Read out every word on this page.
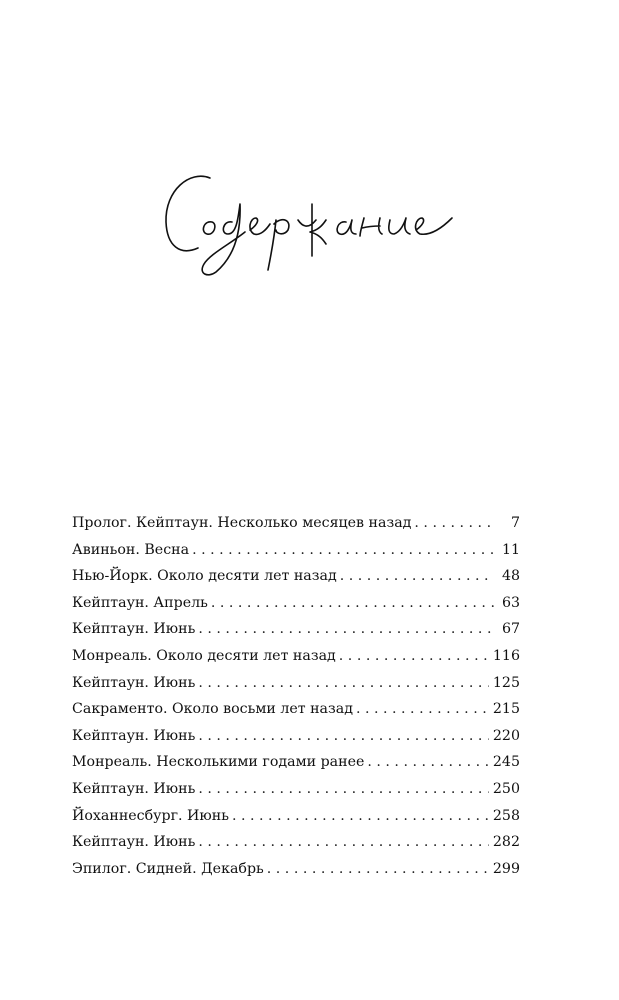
Пролог. Кейптаун. Несколько месяцев назад . . .	7
Авиньон. Весна . . .	11
Нью-Йорк. Около десяти лет назад . . .	48
Кейптаун. Апрель . . .	63
Кейптаун. Июнь . . .	67
Монреаль. Около десяти лет назад . . .	116
Кейптаун. Июнь . . .	125
Сакраменто. Около восьми лет назад . . .	215
Кейптаун. Июнь . . .	220
Монреаль. Несколькими годами ранее . . .	245
Кейптаун. Июнь . . .	250
Йоханнесбург. Июнь . . .	258
Кейптаун. Июнь . . .	282
Эпилог. Сидней. Декабрь . . .	299
